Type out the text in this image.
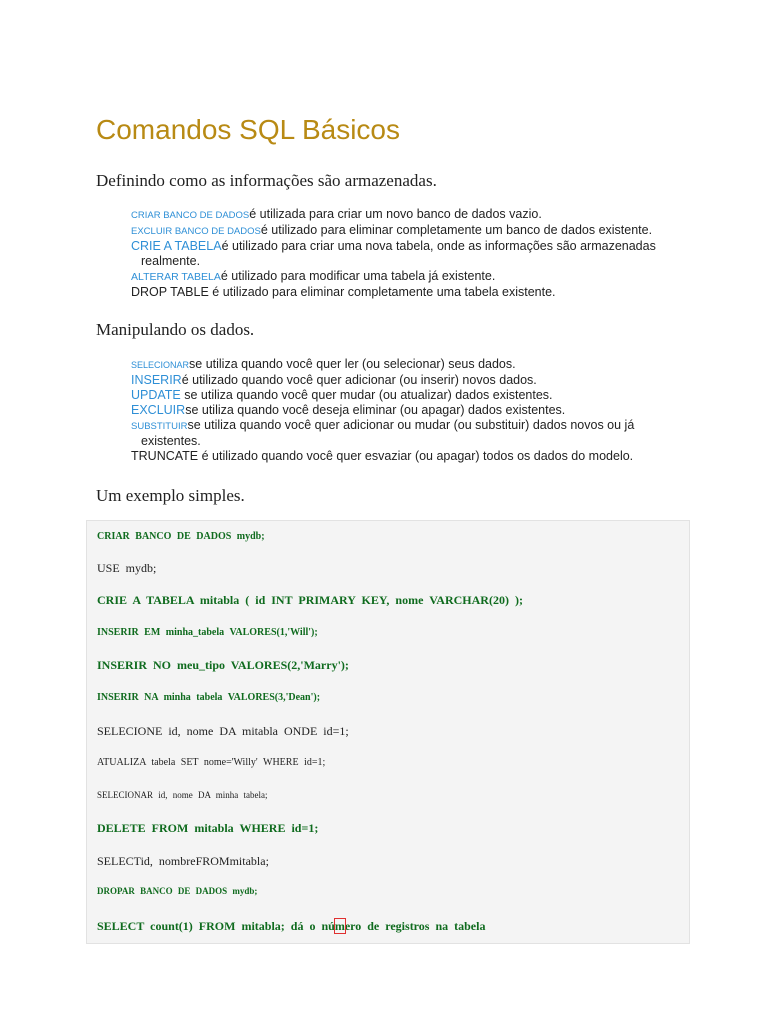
Comandos SQL Básicos
Definindo como as informações são armazenadas.
CRIAR BANCO DE DADOSé utilizada para criar um novo banco de dados vazio.
EXCLUIR BANCO DE DADOSé utilizado para eliminar completamente um banco de dados existente.
CRIE A TABELAé utilizado para criar uma nova tabela, onde as informações são armazenadas
realmente.
ALTERAR TABELAé utilizado para modificar uma tabela já existente.
DROP TABLE é utilizado para eliminar completamente uma tabela existente.
Manipulando os dados.
SELECIONARse utiliza quando você quer ler (ou selecionar) seus dados.
INSERIRé utilizado quando você quer adicionar (ou inserir) novos dados.
UPDATE se utiliza quando você quer mudar (ou atualizar) dados existentes.
EXCLUIRse utiliza quando você deseja eliminar (ou apagar) dados existentes.
SUBSTITUIRse utiliza quando você quer adicionar ou mudar (ou substituir) dados novos ou já
existentes.
TRUNCATE é utilizado quando você quer esvaziar (ou apagar) todos os dados do modelo.
Um exemplo simples.

CRIAR BANCO DE DADOS mydb;

USE mydb;

CRIE A TABELA mitabla ( id INT PRIMARY KEY, nome VARCHAR(20) );

INSERIR EM minha_tabela VALORES(1,'Will');

INSERIR NO meu_tipo VALORES(2,'Marry');

INSERIR NA minha tabela VALORES(3,'Dean');

SELECIONE id, nome DA mitabla ONDE id=1;

ATUALIZA tabela SET nome='Willy' WHERE id=1;

SELECIONAR id, nome DA minha tabela;

DELETE FROM mitabla WHERE id=1;

SELECTid, nombreFROMmitabla;

DROPAR BANCO DE DADOS mydb;

SELECT count(1) FROM mitabla; dá o número de registros na tabela
